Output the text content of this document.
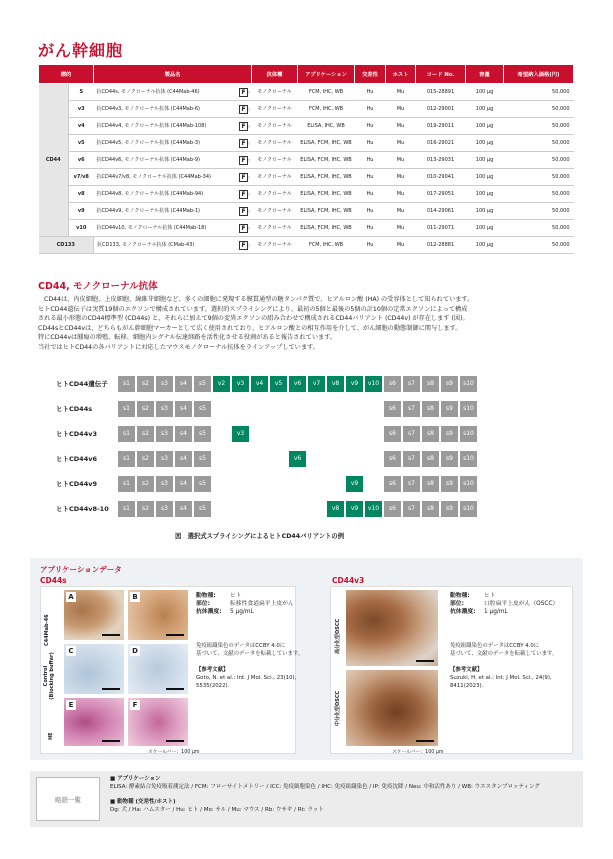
がん幹細胞
標的		製品名		抗体種	アプリケーション	交差性	ホスト	コード No.	容量	希望納入価格(円)
CD44	S	抗CD44s, モノクローナル抗体 (C44Mab-46)	F ○	モノクローナル	FCM, IHC, WB	Hu	Mu	015-28891	100 μg	50,000
	v3	抗CD44v3, モノクローナル抗体 (C44Mab-6)	F ○	モノクローナル	FCM, IHC, WB	Hu	Mu	012-29001	100 μg	50,000
	v4	抗CD44v4, モノクローナル抗体 (C44Mab-108)	F ○	モノクローナル	ELISA, IHC, WB	Hu	Mu	019-29011	100 μg	50,000
	v5	抗CD44v5, モノクローナル抗体 (C44Mab-3)	F ○	モノクローナル	ELISA, FCM, IHC, WB	Hu	Mu	016-29021	100 μg	50,000
	v6	抗CD44v6, モノクローナル抗体 (C44Mab-9)	F ○	モノクローナル	ELISA, FCM, IHC, WB	Hu	Mu	013-29031	100 μg	50,000
	v7/v8	抗CD44v7/v8, モノクローナル抗体 (C44Mab-34)	F ○	モノクローナル	ELISA, FCM, IHC, WB	Hu	Mu	010-29041	100 μg	50,000
	v8	抗CD44v8, モノクローナル抗体 (C44Mab-94)	F ○	モノクローナル	ELISA, FCM, IHC, WB	Hu	Mu	017-29051	100 μg	50,000
	v9	抗CD44v9, モノクローナル抗体 (C44Mab-1)	F ○	モノクローナル	ELISA, FCM, IHC, WB	Hu	Mu	014-29061	100 μg	50,000
	v10	抗CD44v10, モノクローナル抗体 (C44Mab-18)	F ○	モノクローナル	ELISA, FCM, IHC, WB	Hu	Mu	011-29071	100 μg	50,000
CD133		抗CD133, モノクローナル抗体 (CMab-43)	F ○	モノクローナル	FCM, IHC, WB	Hu	Mu	012-28881	100 μg	50,000
CD44, モノクローナル抗体

CD44は、内皮細胞、上皮細胞、線維芽細胞など、多くの細胞に発現する膜貫通型の糖タンパク質で、ヒアルロン酸 (HA) の受容体として知られています。

ヒトCD44遺伝子は実質19個のエクソンで構成されています。選択的スプライシングにより、最初の5個と最後の5個の計10個の定常エクソンによって構成

される最小形態のCD44標準型 (CD44s) と、それらに加えて9個の変異エクソンの組み合わせで構成されるCD44バリアント (CD44v) が存在します (図)。

CD44sとCD44vは、どちらもがん幹細胞マーカーとして広く使用されており、ヒアルロン酸との相互作用を介して、がん細胞の動態制御に関与します。

特にCD44vは腫瘍の増殖、転移、細胞内シグナル伝達経路を活性化させる役割があると報告されています。

当社ではヒトCD44の各バリアントに対応したマウスモノクローナル抗体をラインアップしています。

ヒトCD44遺伝子	s1	s2	s3	s4	s5	v2	v3	v4	v5	v6	v7	v8	v9	v10	s6	s7	s8	s9	s10
ヒトCD44s	s1	s2	s3	s4	s5	s6	s7	s8	s9	s10
ヒトCD44v3	s1	s2	s3	s4	s5	v3	s6	s7	s8	s9	s10
ヒトCD44v6	s1	s2	s3	s4	s5	v6	s6	s7	s8	s9	s10
ヒトCD44v9	s1	s2	s3	s4	s5	v9	s6	s7	s8	s9	s10
ヒトCD44v8-10	s1	s2	s3	s4	s5	v8	v9	v10	s6	s7	s8	s9	s10
図　選択式スプライシングによるヒトCD44バリアントの例
アプリケーションデータ
CD44s
C44Mab-46
Control
(Blocking buffer)
HE
A	B
C	D
E	F
動物種: ヒト
部位:	転移性食道扁平上皮がん
抗体濃度: 5 μg/mL
免疫組織染色のデータはCCBY 4.0に
基づいて、文献のデータを転載しています。
【参考文献】
Goto, N. et al.: Int. J Mol. Sci., 23(10),
5535(2022).
スケールバー：100 μm
CD44v3
高分化型OSCC
中分化型OSCC
動物種: ヒト
部位:	口腔扁平上皮がん（OSCC）
抗体濃度: 1 μg/mL
免疫組織染色のデータはCCBY 4.0に
基づいて、文献のデータを転載しています。
【参考文献】
Suzuki, H. et al.: Int. J Mol. Sci., 24(9),
8411(2023).
スケールバー：100 μm
略語一覧
■ アプリケーション
ELISA: 酵素結合免疫吸着測定法 / FCM: フローサイトメトリー / ICC: 免疫細胞染色 / IHC: 免疫組織染色 / IP: 免疫沈降 / Neu: 中和活性あり / WB: ウエスタンブロッティング
■ 動物種 (交差性/ホスト)
Dg: 犬 / Ha: ハムスター / Hu: ヒト / Mo: サル / Mu: マウス / Rb: ウサギ / Rt: ラット
